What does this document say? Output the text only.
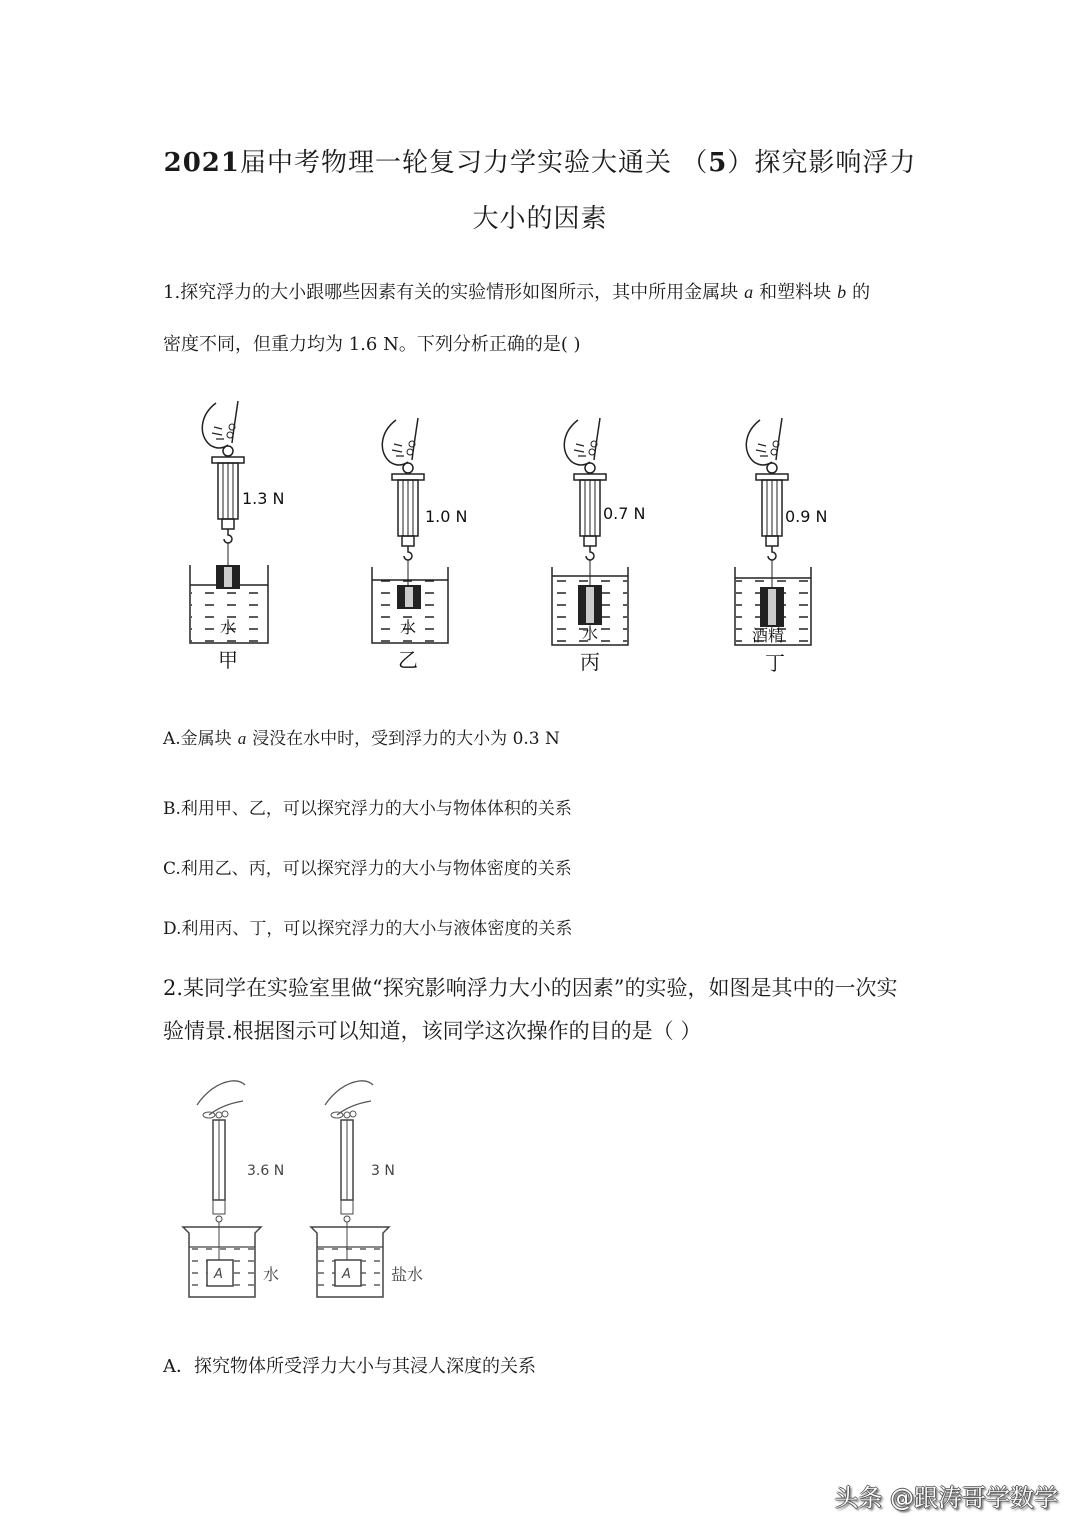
2021届中考物理一轮复习力学实验大通关 （5）探究影响浮力
大小的因素
1.探究浮力的大小跟哪些因素有关的实验情形如图所示，其中所用金属块 a 和塑料块 b 的
密度不同，但重力均为 1.6 N。下列分析正确的是( )
1.3 N
水
甲
1.0 N
水
乙
0.7 N
水
丙
0.9 N
酒精
丁
A.金属块 a 浸没在水中时，受到浮力的大小为 0.3 N
B.利用甲、乙，可以探究浮力的大小与物体体积的关系
C.利用乙、丙，可以探究浮力的大小与物体密度的关系
D.利用丙、丁，可以探究浮力的大小与液体密度的关系
2.某同学在实验室里做“探究影响浮力大小的因素”的实验，如图是其中的一次实
验情景.根据图示可以知道，该同学这次操作的目的是（ ）
3.6 N
A	水
3 N
A	盐水
A．探究物体所受浮力大小与其浸人深度的关系
头条 @跟涛哥学数学
